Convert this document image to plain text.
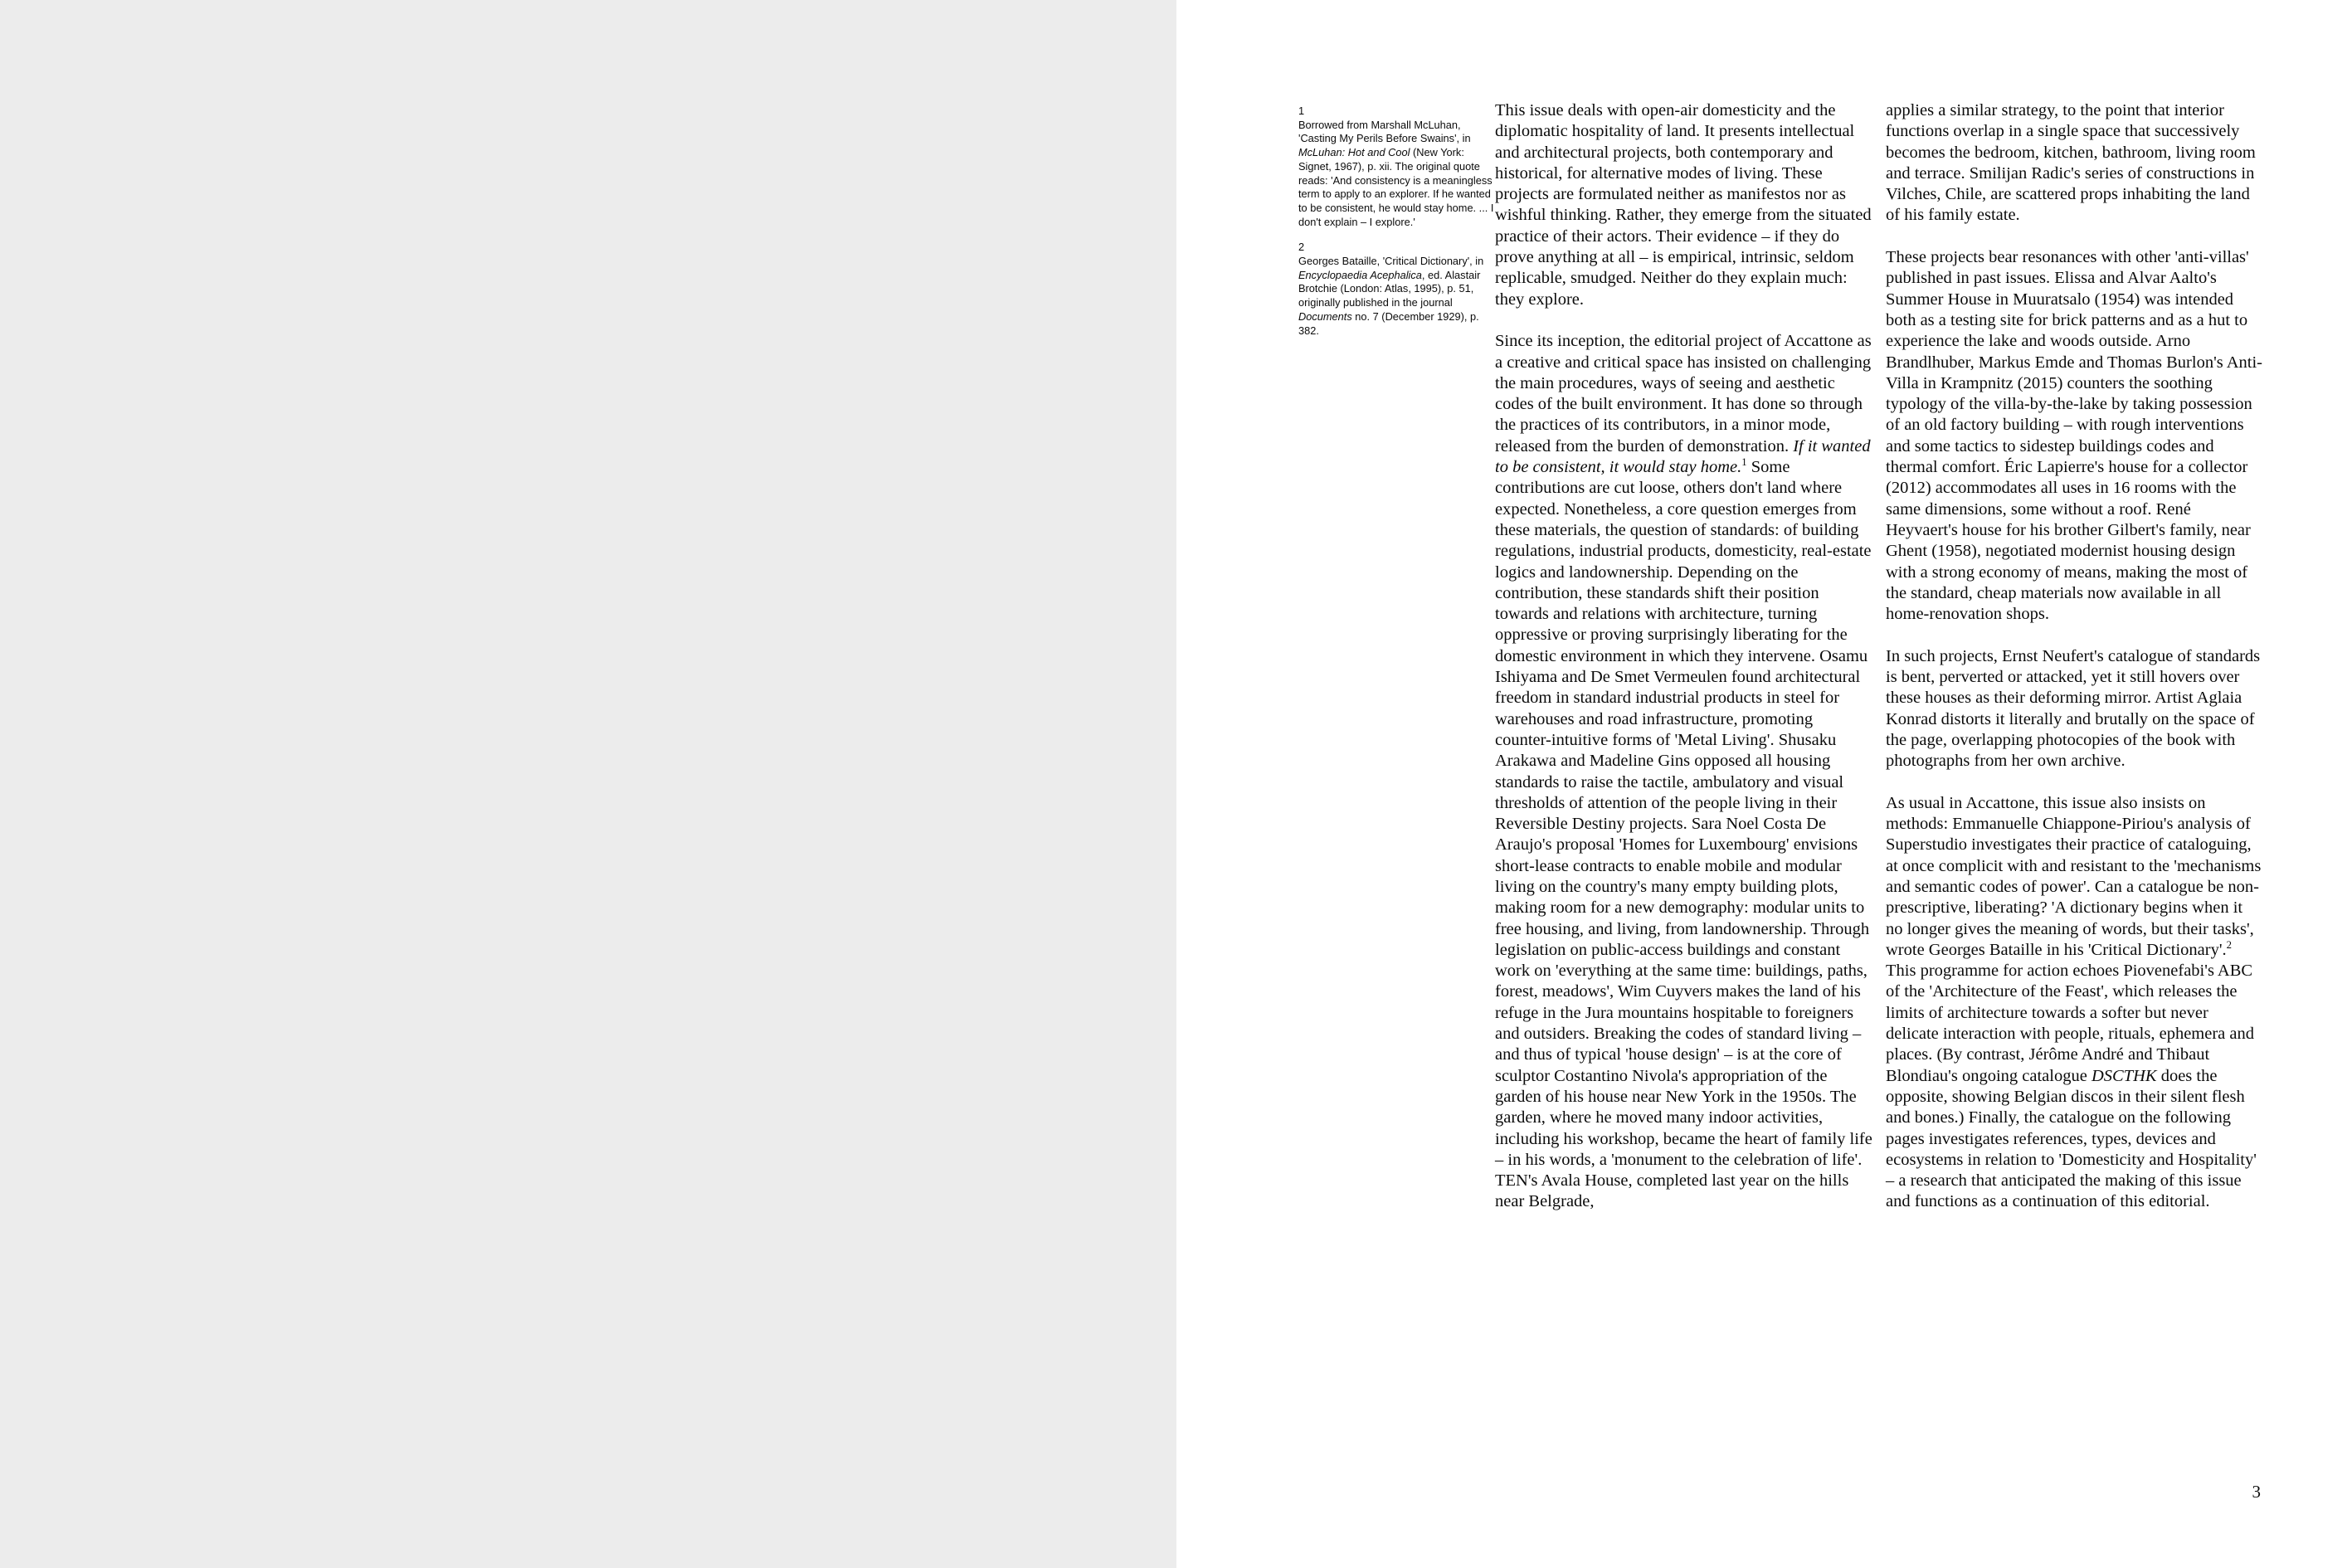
1

Borrowed from Marshall McLuhan, 'Casting My Perils Before Swains', in McLuhan: Hot and Cool (New York: Signet, 1967), p. xii. The original quote reads: 'And consistency is a meaningless term to apply to an explorer. If he wanted to be consistent, he would stay home. ... I don't explain – I explore.'

2

Georges Bataille, 'Critical Dictionary', in Encyclopaedia Acephalica, ed. Alastair Brotchie (London: Atlas, 1995), p. 51, originally published in the journal Documents no. 7 (December 1929), p. 382.

This issue deals with open-air domesticity and the diplomatic hospitality of land. It presents intellectual and architectural projects, both contemporary and historical, for alternative modes of living. These projects are formulated neither as manifestos nor as wishful thinking. Rather, they emerge from the situated practice of their actors. Their evidence – if they do prove anything at all – is empirical, intrinsic, seldom replicable, smudged. Neither do they explain much: they explore.

Since its inception, the editorial project of Accattone as a creative and critical space has insisted on challenging the main procedures, ways of seeing and aesthetic codes of the built environment. It has done so through the practices of its contributors, in a minor mode, released from the burden of demonstration. If it wanted to be consistent, it would stay home.$^1$ Some contributions are cut loose, others don't land where expected. Nonetheless, a core question emerges from these materials, the question of standards: of building regulations, industrial products, domesticity, real-estate logics and landownership. Depending on the contribution, these standards shift their position towards and relations with architecture, turning oppressive or proving surprisingly liberating for the domestic environment in which they intervene. Osamu Ishiyama and De Smet Vermeulen found architectural freedom in standard industrial products in steel for warehouses and road infrastructure, promoting counter-intuitive forms of 'Metal Living'. Shusaku Arakawa and Madeline Gins opposed all housing standards to raise the tactile, ambulatory and visual thresholds of attention of the people living in their Reversible Destiny projects. Sara Noel Costa De Araujo's proposal 'Homes for Luxembourg' envisions short-lease contracts to enable mobile and modular living on the country's many empty building plots, making room for a new demography: modular units to free housing, and living, from landownership. Through legislation on public-access buildings and constant work on 'everything at the same time: buildings, paths, forest, meadows', Wim Cuyvers makes the land of his refuge in the Jura mountains hospitable to foreigners and outsiders. Breaking the codes of standard living – and thus of typical 'house design' – is at the core of sculptor Costantino Nivola's appropriation of the garden of his house near New York in the 1950s. The garden, where he moved many indoor activities, including his workshop, became the heart of family life – in his words, a 'monument to the celebration of life'. TEN's Avala House, completed last year on the hills near Belgrade,

applies a similar strategy, to the point that interior functions overlap in a single space that successively becomes the bedroom, kitchen, bathroom, living room and terrace. Smilijan Radic's series of constructions in Vilches, Chile, are scattered props inhabiting the land of his family estate.

These projects bear resonances with other 'anti-villas' published in past issues. Elissa and Alvar Aalto's Summer House in Muuratsalo (1954) was intended both as a testing site for brick patterns and as a hut to experience the lake and woods outside. Arno Brandlhuber, Markus Emde and Thomas Burlon's Anti-Villa in Krampnitz (2015) counters the soothing typology of the villa-by-the-lake by taking possession of an old factory building – with rough interventions and some tactics to sidestep buildings codes and thermal comfort. Éric Lapierre's house for a collector (2012) accommodates all uses in 16 rooms with the same dimensions, some without a roof. René Heyvaert's house for his brother Gilbert's family, near Ghent (1958), negotiated modernist housing design with a strong economy of means, making the most of the standard, cheap materials now available in all home-renovation shops.

In such projects, Ernst Neufert's catalogue of standards is bent, perverted or attacked, yet it still hovers over these houses as their deforming mirror. Artist Aglaia Konrad distorts it literally and brutally on the space of the page, overlapping photocopies of the book with photographs from her own archive.

As usual in Accattone, this issue also insists on methods: Emmanuelle Chiappone-Piriou's analysis of Superstudio investigates their practice of cataloguing, at once complicit with and resistant to the 'mechanisms and semantic codes of power'. Can a catalogue be non-prescriptive, liberating? 'A dictionary begins when it no longer gives the meaning of words, but their tasks', wrote Georges Bataille in his 'Critical Dictionary'.$^2$ This programme for action echoes Piovenefabi's ABC of the 'Architecture of the Feast', which releases the limits of architecture towards a softer but never delicate interaction with people, rituals, ephemera and places. (By contrast, Jérôme André and Thibaut Blondiau's ongoing catalogue DSCTHK does the opposite, showing Belgian discos in their silent flesh and bones.) Finally, the catalogue on the following pages investigates references, types, devices and ecosystems in relation to 'Domesticity and Hospitality' – a research that anticipated the making of this issue and functions as a continuation of this editorial.

3
